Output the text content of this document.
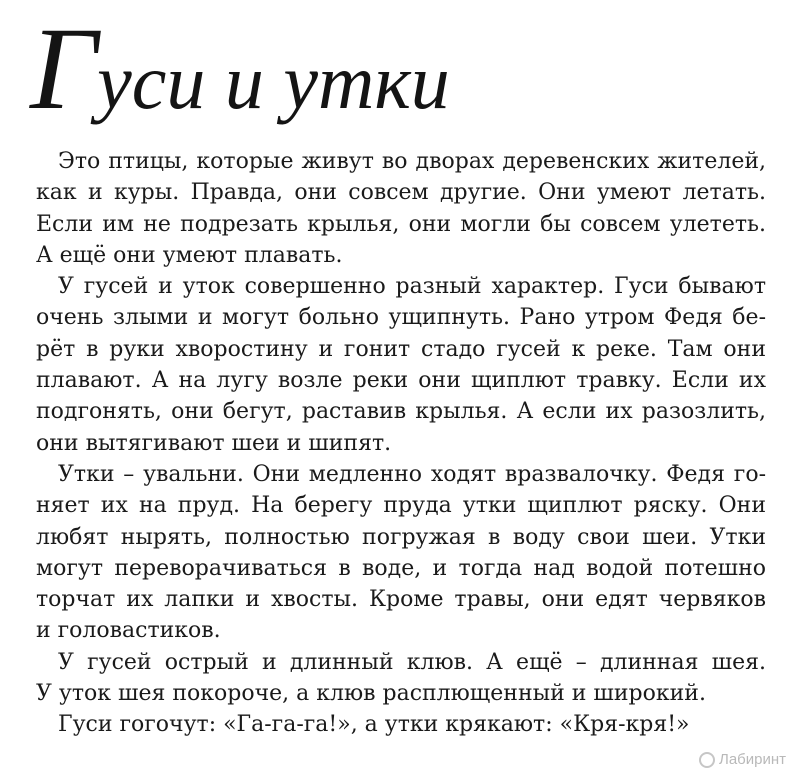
Гуси и утки
Это птицы, которые живут во дворах деревенских жителей,
как и куры. Правда, они совсем другие. Они умеют летать.
Если им не подрезать крылья, они могли бы совсем улететь.
А ещё они умеют плавать.
У гусей и уток совершенно разный характер. Гуси бывают
очень злыми и могут больно ущипнуть. Рано утром Федя бе-
рёт в руки хворостину и гонит стадо гусей к реке. Там они
плавают. А на лугу возле реки они щиплют травку. Если их
подгонять, они бегут, раставив крылья. А если их разозлить,
они вытягивают шеи и шипят.
Утки – увальни. Они медленно ходят вразвалочку. Федя го-
няет их на пруд. На берегу пруда утки щиплют ряску. Они
любят нырять, полностью погружая в воду свои шеи. Утки
могут переворачиваться в воде, и тогда над водой потешно
торчат их лапки и хвосты. Кроме травы, они едят червяков
и головастиков.
У гусей острый и длинный клюв. А ещё – длинная шея.
У уток шея покороче, а клюв расплющенный и широкий.
Гуси гогочут: «Га-га-га!», а утки крякают: «Кря-кря!»
Лабиринт
